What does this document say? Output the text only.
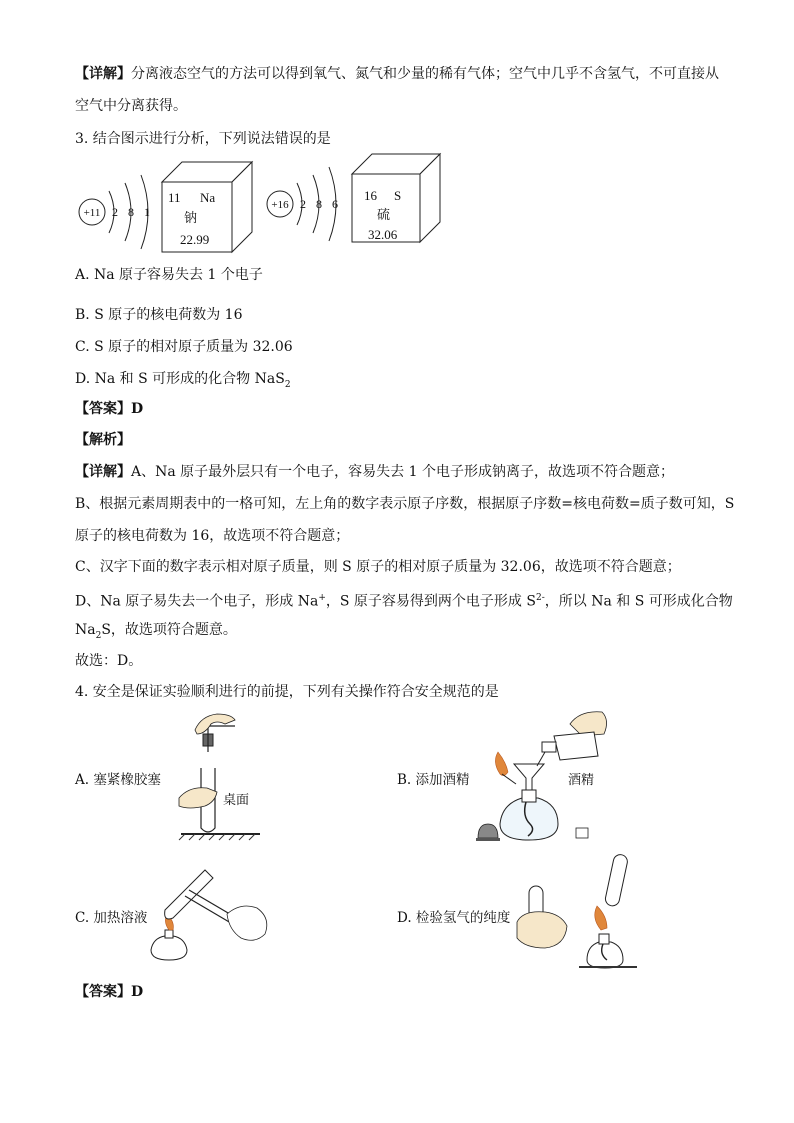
【详解】分离液态空气的方法可以得到氧气、氮气和少量的稀有气体；空气中几乎不含氢气，不可直接从
空气中分离获得。
3. 结合图示进行分析，下列说法错误的是
+11 2 8 1
11 Na
钠
22.99
+16 2 8 6
16 S
硫
32.06
A. Na 原子容易失去 1 个电子
B. S 原子的核电荷数为 16
C. S 原子的相对原子质量为 32.06
D. Na 和 S 可形成的化合物 NaS$_2$
【答案】D
【解析】
【详解】A、Na 原子最外层只有一个电子，容易失去 1 个电子形成钠离子，故选项不符合题意；
B、根据元素周期表中的一格可知，左上角的数字表示原子序数，根据原子序数=核电荷数=质子数可知，S
原子的核电荷数为 16，故选项不符合题意；
C、汉字下面的数字表示相对原子质量，则 S 原子的相对原子质量为 32.06，故选项不符合题意；
D、Na 原子易失去一个电子，形成 Na+，S 原子容易得到两个电子形成 $S^{2-}$，所以 Na 和 S 可形成化合物
$Na_2S$，故选项符合题意。
故选：D。
4. 安全是保证实验顺利进行的前提，下列有关操作符合安全规范的是
A. 塞紧橡胶塞
桌面
B. 添加酒精	酒精
C. 加热溶液	D. 检验氢气的纯度
【答案】D
